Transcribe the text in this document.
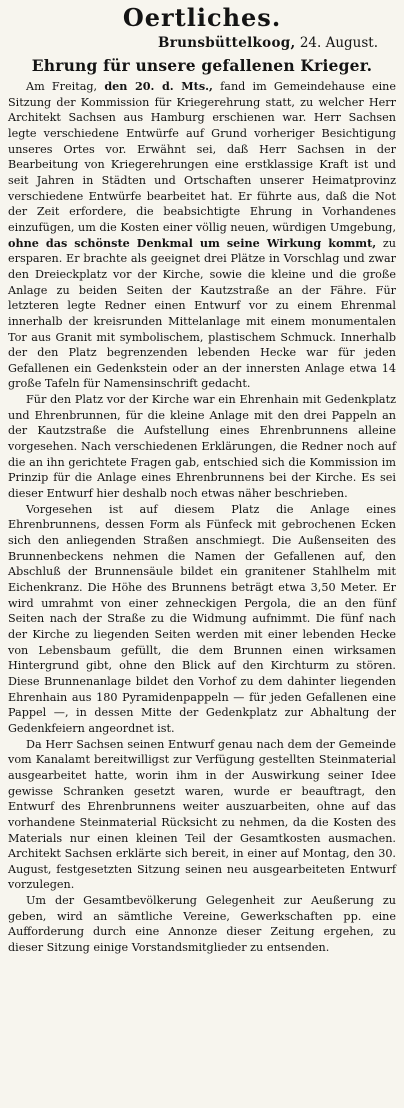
Oertliches.
Brunsbüttelkoog, 24. August.
Ehrung für unsere gefallenen Krieger.

Am Freitag, den 20. d. Mts., fand im Gemeindehause eine Sitzung der Kommission für Kriegerehrung statt, zu welcher Herr Architekt Sachsen aus Hamburg erschienen war. Herr Sachsen legte verschiedene Entwürfe auf Grund vorheriger Besichtigung unseres Ortes vor. Erwähnt sei, daß Herr Sachsen in der Bearbeitung von Kriegerehrungen eine erstklassige Kraft ist und seit Jahren in Städten und Ortschaften unserer Heimatprovinz verschiedene Entwürfe bearbeitet hat. Er führte aus, daß die Not der Zeit erfordere, die beabsichtigte Ehrung in Vorhandenes einzufügen, um die Kosten einer völlig neuen, würdigen Umgebung, ohne das schönste Denkmal um seine Wirkung kommt, zu ersparen. Er brachte als geeignet drei Plätze in Vorschlag und zwar den Dreieckplatz vor der Kirche, sowie die kleine und die große Anlage zu beiden Seiten der Kautzstraße an der Fähre. Für letzteren legte Redner einen Entwurf vor zu einem Ehrenmal innerhalb der kreisrunden Mittelanlage mit einem monumentalen Tor aus Granit mit symbolischem, plastischem Schmuck. Innerhalb der den Platz begrenzenden lebenden Hecke war für jeden Gefallenen ein Gedenkstein oder an der innersten Anlage etwa 14 große Tafeln für Namensinschrift gedacht.

Für den Platz vor der Kirche war ein Ehrenhain mit Gedenkplatz und Ehrenbrunnen, für die kleine Anlage mit den drei Pappeln an der Kautzstraße die Aufstellung eines Ehrenbrunnens alleine vorgesehen. Nach verschiedenen Erklärungen, die Redner noch auf die an ihn gerichtete Fragen gab, entschied sich die Kommission im Prinzip für die Anlage eines Ehrenbrunnens bei der Kirche. Es sei dieser Entwurf hier deshalb noch etwas näher beschrieben.

Vorgesehen ist auf diesem Platz die Anlage eines Ehrenbrunnens, dessen Form als Fünfeck mit gebrochenen Ecken sich den anliegenden Straßen anschmiegt. Die Außenseiten des Brunnenbeckens nehmen die Namen der Gefallenen auf, den Abschluß der Brunnensäule bildet ein granitener Stahlhelm mit Eichenkranz. Die Höhe des Brunnens beträgt etwa 3,50 Meter. Er wird umrahmt von einer zehneckigen Pergola, die an den fünf Seiten nach der Straße zu die Widmung aufnimmt. Die fünf nach der Kirche zu liegenden Seiten werden mit einer lebenden Hecke von Lebensbaum gefüllt, die dem Brunnen einen wirksamen Hintergrund gibt, ohne den Blick auf den Kirchturm zu stören. Diese Brunnenanlage bildet den Vorhof zu dem dahinter liegenden Ehrenhain aus 180 Pyramidenpappeln — für jeden Gefallenen eine Pappel —, in dessen Mitte der Gedenkplatz zur Abhaltung der Gedenkfeiern angeordnet ist.

Da Herr Sachsen seinen Entwurf genau nach dem der Gemeinde vom Kanalamt bereitwilligst zur Verfügung gestellten Steinmaterial ausgearbeitet hatte, worin ihm in der Auswirkung seiner Idee gewisse Schranken gesetzt waren, wurde er beauftragt, den Entwurf des Ehrenbrunnens weiter auszuarbeiten, ohne auf das vorhandene Steinmaterial Rücksicht zu nehmen, da die Kosten des Materials nur einen kleinen Teil der Gesamtkosten ausmachen. Architekt Sachsen erklärte sich bereit, in einer auf Montag, den 30. August, festgesetzten Sitzung seinen neu ausgearbeiteten Entwurf vorzulegen.

Um der Gesamtbevölkerung Gelegenheit zur Aeußerung zu geben, wird an sämtliche Vereine, Gewerkschaften pp. eine Aufforderung durch eine Annonze dieser Zeitung ergehen, zu dieser Sitzung einige Vorstandsmitglieder zu entsenden.
